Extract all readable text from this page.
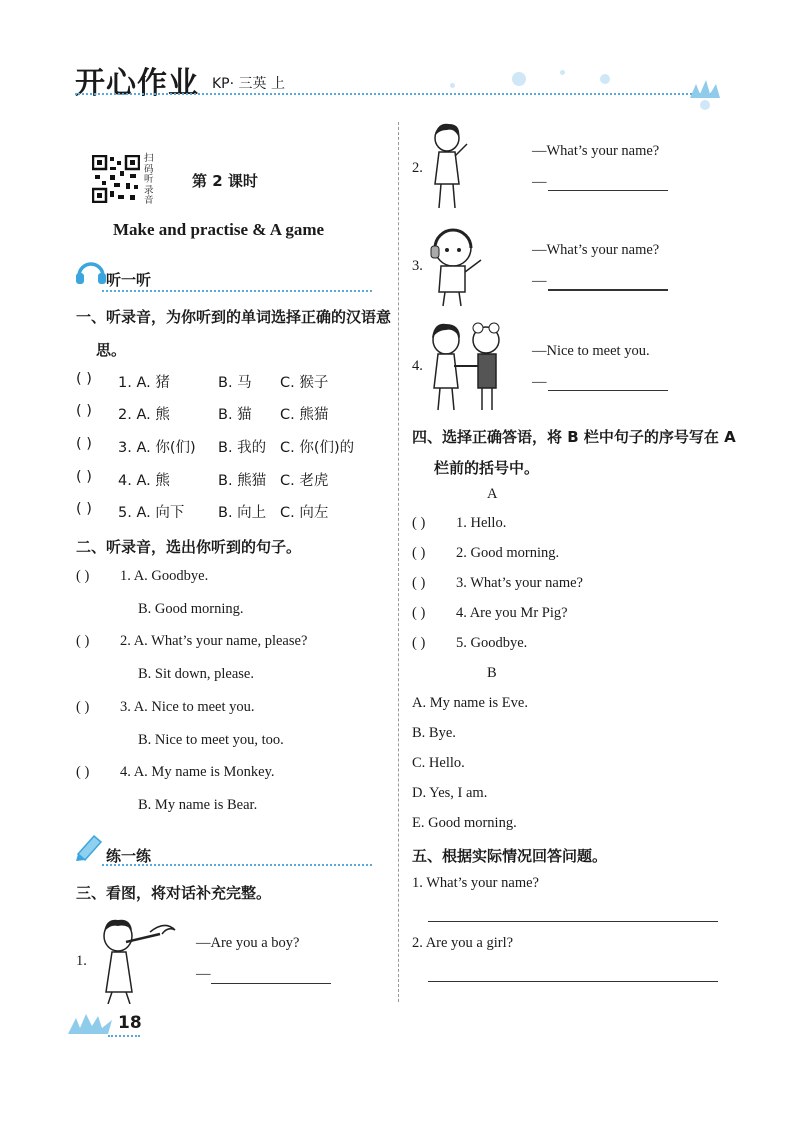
开心作业 KP· 三英 上
扫码听录音
第 2 课时
Make and practise & A game
听一听
一、听录音，为你听到的单词选择正确的汉语意
思。
( ) 1. A. 猪	B. 马 C. 猴子
( ) 2. A. 熊	B. 猫 C. 熊猫
( ) 3. A. 你(们) B. 我的 C. 你(们)的
( ) 4. A. 熊	B. 熊猫 C. 老虎
( ) 5. A. 向下 B. 向上 C. 向左
二、听录音，选出你听到的句子。
( ) 1. A. Goodbye.
B. Good morning.
( ) 2. A. What’s your name, please?
B. Sit down, please.
( ) 3. A. Nice to meet you.
B. Nice to meet you, too.
( ) 4. A. My name is Monkey.
B. My name is Bear.
练一练
三、看图，将对话补充完整。
1.
—Are you a boy?
—
18
2.
—What’s your name?
—
3.
—What’s your name?
—
4.
—Nice to meet you.
—
四、选择正确答语，将 B 栏中句子的序号写在 A
栏前的括号中。
A
( ) 1. Hello.
( ) 2. Good morning.
( ) 3. What’s your name?
( ) 4. Are you Mr Pig?
( ) 5. Goodbye.
B
A. My name is Eve.
B. Bye.
C. Hello.
D. Yes, I am.
E. Good morning.
五、根据实际情况回答问题。
1. What’s your name?
2. Are you a girl?
